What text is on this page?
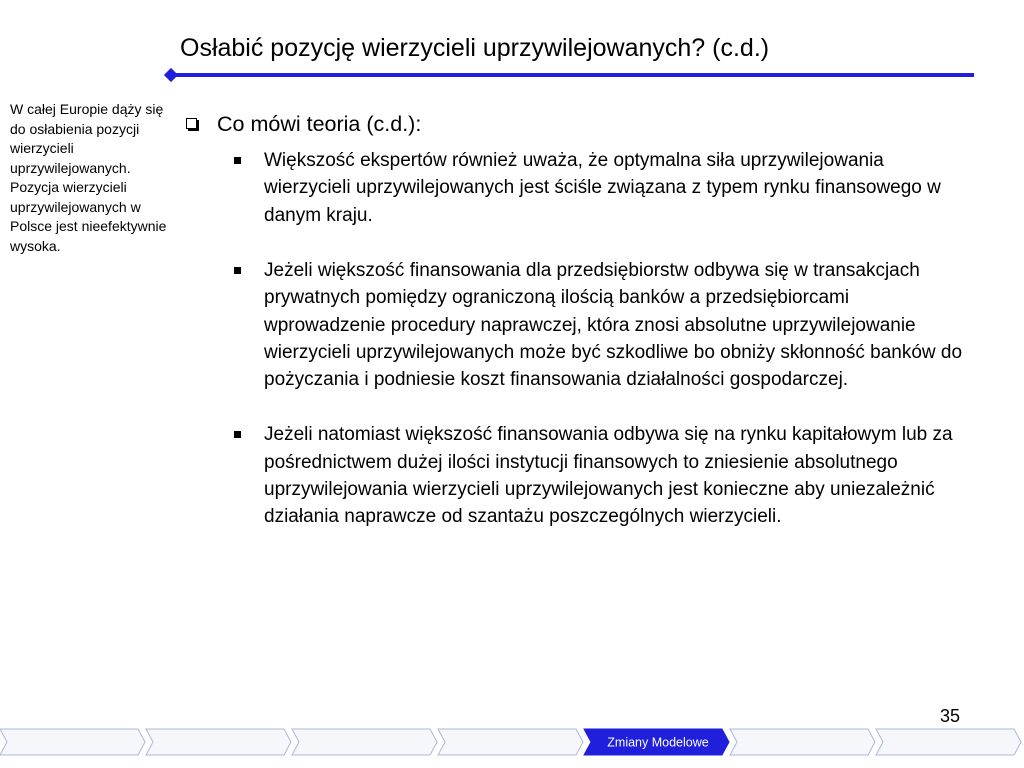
Osłabić pozycję wierzycieli uprzywilejowanych? (c.d.)
W całej Europie dąży się do osłabienia pozycji wierzycieli uprzywilejowanych. Pozycja wierzycieli uprzywilejowanych w Polsce jest nieefektywnie wysoka.
Co mówi teoria (c.d.):
Większość ekspertów również uważa, że optymalna siła uprzywilejowania wierzycieli uprzywilejowanych jest ściśle związana z typem rynku finansowego w danym kraju.
Jeżeli większość finansowania dla przedsiębiorstw odbywa się w transakcjach prywatnych pomiędzy ograniczoną ilością banków a przedsiębiorcami wprowadzenie procedury naprawczej, która znosi absolutne uprzywilejowanie wierzycieli uprzywilejowanych może być szkodliwe bo obniży skłonność banków do pożyczania i podniesie koszt finansowania działalności gospodarczej.
Jeżeli natomiast większość finansowania odbywa się na rynku kapitałowym lub za pośrednictwem dużej ilości instytucji finansowych to zniesienie absolutnego uprzywilejowania wierzycieli uprzywilejowanych jest konieczne aby uniezależnić działania naprawcze od szantażu poszczególnych wierzycieli.
35
Zmiany Modelowe
